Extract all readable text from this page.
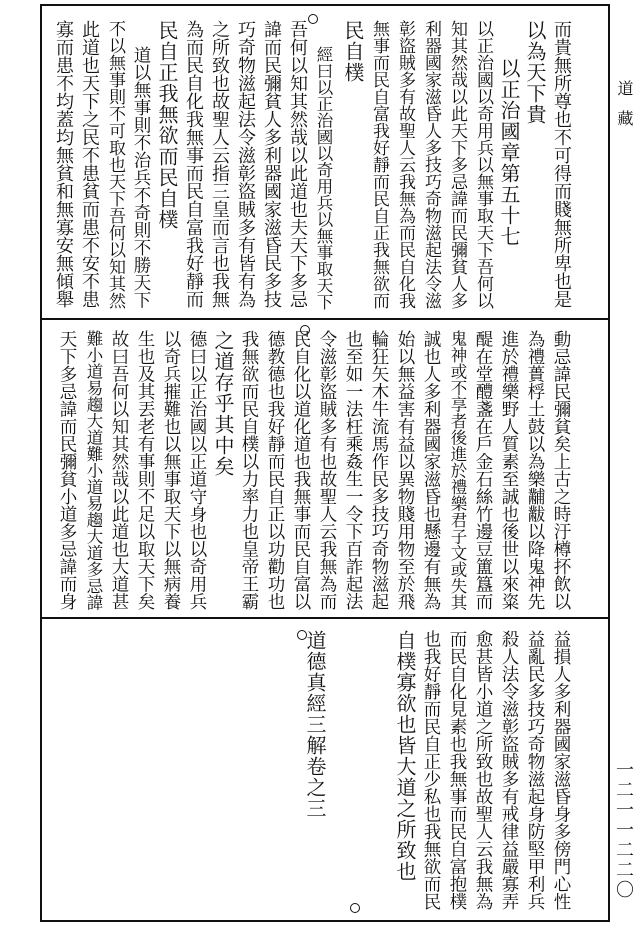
道藏
一二一一二二〇
而貴無所尊也不可得而賤無所卑也是
以為天下貴
以正治國章第五十七
以正治國以奇用兵以無事取天下吾何以
知其然哉以此天下多忌諱而民彌貧人多
利器國家滋昏人多技巧奇物滋起法令滋
彰盜賊多有故聖人云我無為而民自化我
無事而民自富我好靜而民自正我無欲而
民自樸
經曰以正治國以奇用兵以無事取天下
吾何以知其然哉以此道也夫天下多忌
諱而民彌貧人多利器國家滋昏民多技
巧奇物滋起法令滋彰盜賊多有皆有為
之所致也故聖人云指三皇而言也我無
為而民自化我無事而民自富我好靜而
民自正我無欲而民自樸
道以無事則不治兵不奇則不勝天下
不以無事則不可取也天下吾何以知其然
此道也天下之民不患貧而患不安不患
寡而患不均蓋均無貧和無寡安無傾舉
動忌諱民彌貧矣上古之時汙樽抔飲以
為禮蕢桴土鼓以為樂黼黻以降鬼神先
進於禮樂野人質素至誠也後世以來粢
醍在堂醴盞在戶金石絲竹邊豆簠簋而
鬼神或不享者後進於禮樂君子文或失其
誠也人多利器國家滋昏也懸邊有無為
始以無益害有益以異物賤用物至於飛
輪狂矢木牛流馬作民多技巧奇物滋起
也至如一法枉乘姦生一令下百詐起法
令滋彰盜賊多有也故聖人云我無為而
民自化以道化道也我無事而民自富以
德教德也我好靜而民自正以功勸功也
我無欲而民自樸以力率力也皇帝王霸
之道存乎其中矣
德曰以正治國以正道守身也以奇用兵
以奇兵摧難也以無事取天下以無病養
生也及其丟老有事則不足以取天下矣
故曰吾何以知其然哉以此道也大道甚
難小道易趨大道難小道易趨大道多忌諱
天下多忌諱而民彌貧小道多忌諱而身
益損人多利器國家滋昏身多傍門心性
益亂民多技巧奇物滋起身防堅甲利兵
殺人法令滋彰盜賊多有戒律益嚴寡弄
愈甚皆小道之所致也故聖人云我無為
而民自化見素也我無事而民自富抱樸
也我好靜而民自正少私也我無欲而民
自樸寡欲也皆大道之所致也
道德真經三解卷之三
